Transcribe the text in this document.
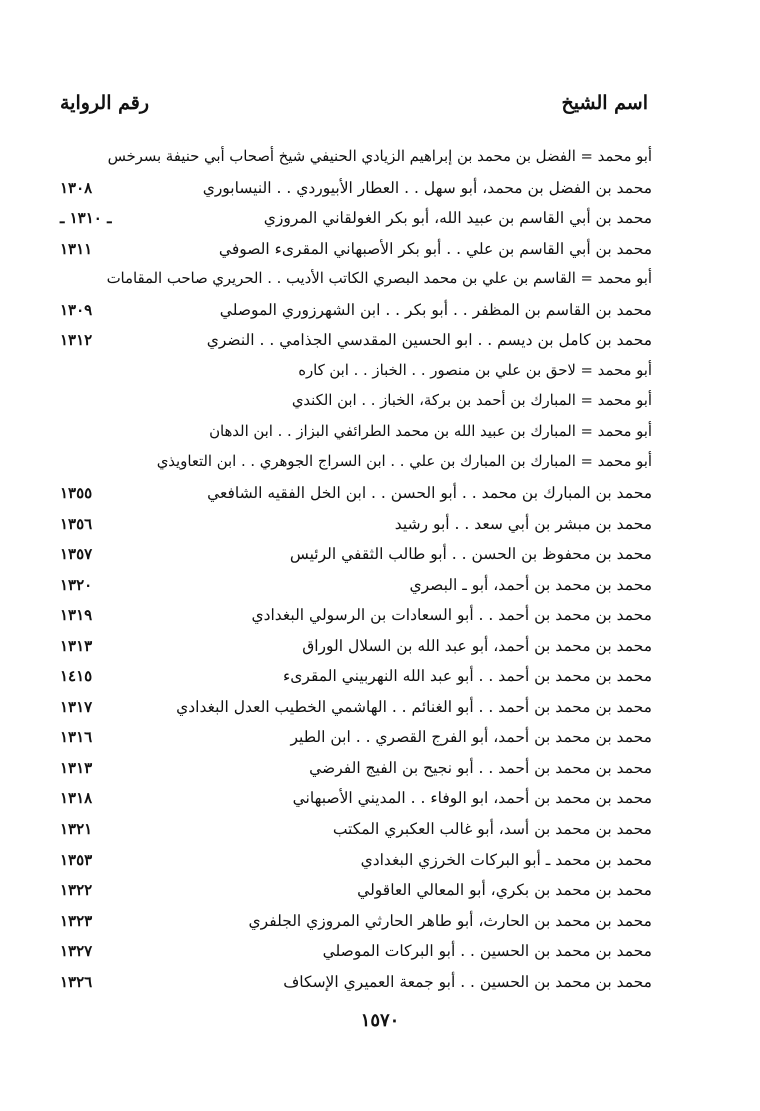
اسم الشيخ
رقم الرواية
أبو محمد = الفضل بن محمد بن إبراهيم الزيادي الحنيفي شيخ أصحاب أبي حنيفة بسرخس
محمد بن الفضل بن محمد، أبو سهل . . العطار الأبيوردي . . النيسابوري
١٣٠٨
محمد بن أبي القاسم بن عبيد الله، أبو بكر الغولقاني المروزي
ـ ١٣١٠ ـ
محمد بن أبي القاسم بن علي . . أبو بكر الأصبهاني المقرىء الصوفي
١٣١١
أبو محمد = القاسم بن علي بن محمد البصري الكاتب الأديب . . الحريري صاحب المقامات
محمد بن القاسم بن المظفر . . أبو بكر . . ابن الشهرزوري الموصلي
١٣٠٩
محمد بن كامل بن ديسم . . ابو الحسين المقدسي الجذامي . . النضري
١٣١٢
أبو محمد = لاحق بن علي بن منصور . . الخباز . . ابن كاره
أبو محمد = المبارك بن أحمد بن بركة، الخباز . . ابن الكندي
أبو محمد = المبارك بن عبيد الله بن محمد الطرائفي البزاز . . ابن الدهان
أبو محمد = المبارك بن المبارك بن علي . . ابن السراج الجوهري . . ابن التعاويذي
محمد بن المبارك بن محمد . . أبو الحسن . . ابن الخل الفقيه الشافعي
١٣٥٥
محمد بن مبشر بن أبي سعد . . أبو رشيد
١٣٥٦
محمد بن محفوظ بن الحسن . . أبو طالب الثقفي الرئيس
١٣٥٧
محمد بن محمد بن أحمد، أبو ـ البصري
١٣٢٠
محمد بن محمد بن أحمد . . أبو السعادات بن الرسولي البغدادي
١٣١٩
محمد بن محمد بن أحمد، أبو عبد الله بن السلال الوراق
١٣١٣
محمد بن محمد بن أحمد . . أبو عبد الله النهربيني المقرىء
١٤١٥
محمد بن محمد بن أحمد . . أبو الغنائم . . الهاشمي الخطيب العدل البغدادي
١٣١٧
محمد بن محمد بن أحمد، أبو الفرج القصري . . ابن الطير
١٣١٦
محمد بن محمد بن أحمد . . أبو نجيح بن الفيج الفرضي
١٣١٣
محمد بن محمد بن أحمد، ابو الوفاء . . المديني الأصبهاني
١٣١٨
محمد بن محمد بن أسد، أبو غالب العكبري المكتب
١٣٢١
محمد بن محمد ـ أبو البركات الخرزي البغدادي
١٣٥٣
محمد بن محمد بن بكري، أبو المعالي العاقولي
١٣٢٢
محمد بن محمد بن الحارث، أبو طاهر الحارثي المروزي الجلفري
١٣٢٣
محمد بن محمد بن الحسين . . أبو البركات الموصلي
١٣٢٧
محمد بن محمد بن الحسين . . أبو جمعة العميري الإسكاف
١٣٢٦
١٥٧٠
